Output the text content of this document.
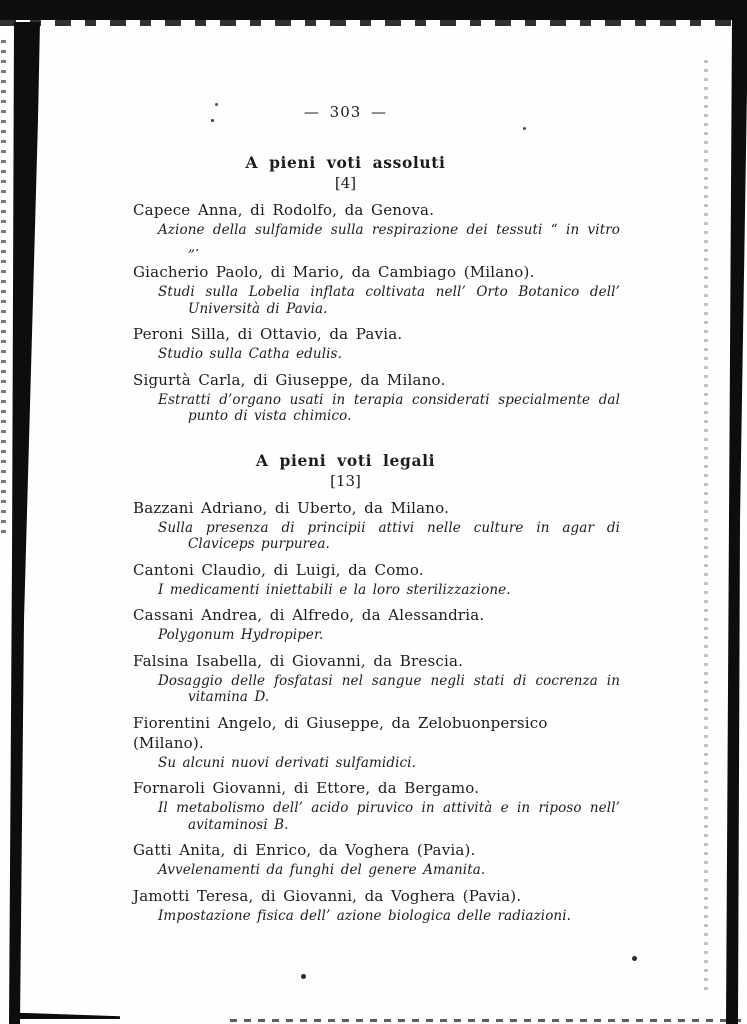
— 303 —
A pieni voti assoluti
[4]
Capece Anna, di Rodolfo, da Genova.
Azione della sulfamide sulla respirazione dei tessuti “ in vitro „.
Giacherio Paolo, di Mario, da Cambiago (Milano).
Studi sulla Lobelia inflata coltivata nell’ Orto Botanico dell’ Università di Pavia.
Peroni Silla, di Ottavio, da Pavia.
Studio sulla Catha edulis.
Sigurtà Carla, di Giuseppe, da Milano.
Estratti d’organo usati in terapia considerati specialmente dal punto di vista chimico.
A pieni voti legali
[13]
Bazzani Adriano, di Uberto, da Milano.
Sulla presenza di principii attivi nelle culture in agar di Claviceps purpurea.
Cantoni Claudio, di Luigi, da Como.
I medicamenti iniettabili e la loro sterilizzazione.
Cassani Andrea, di Alfredo, da Alessandria.
Polygonum Hydropiper.
Falsina Isabella, di Giovanni, da Brescia.
Dosaggio delle fosfatasi nel sangue negli stati di cocrenza in vitamina D.
Fiorentini Angelo, di Giuseppe, da Zelobuonpersico (Milano).
Su alcuni nuovi derivati sulfamidici.
Fornaroli Giovanni, di Ettore, da Bergamo.
Il metabolismo dell’ acido piruvico in attività e in riposo nell’ avitaminosi B.
Gatti Anita, di Enrico, da Voghera (Pavia).
Avvelenamenti da funghi del genere Amanita.
Jamotti Teresa, di Giovanni, da Voghera (Pavia).
Impostazione fisica dell’ azione biologica delle radiazioni.
